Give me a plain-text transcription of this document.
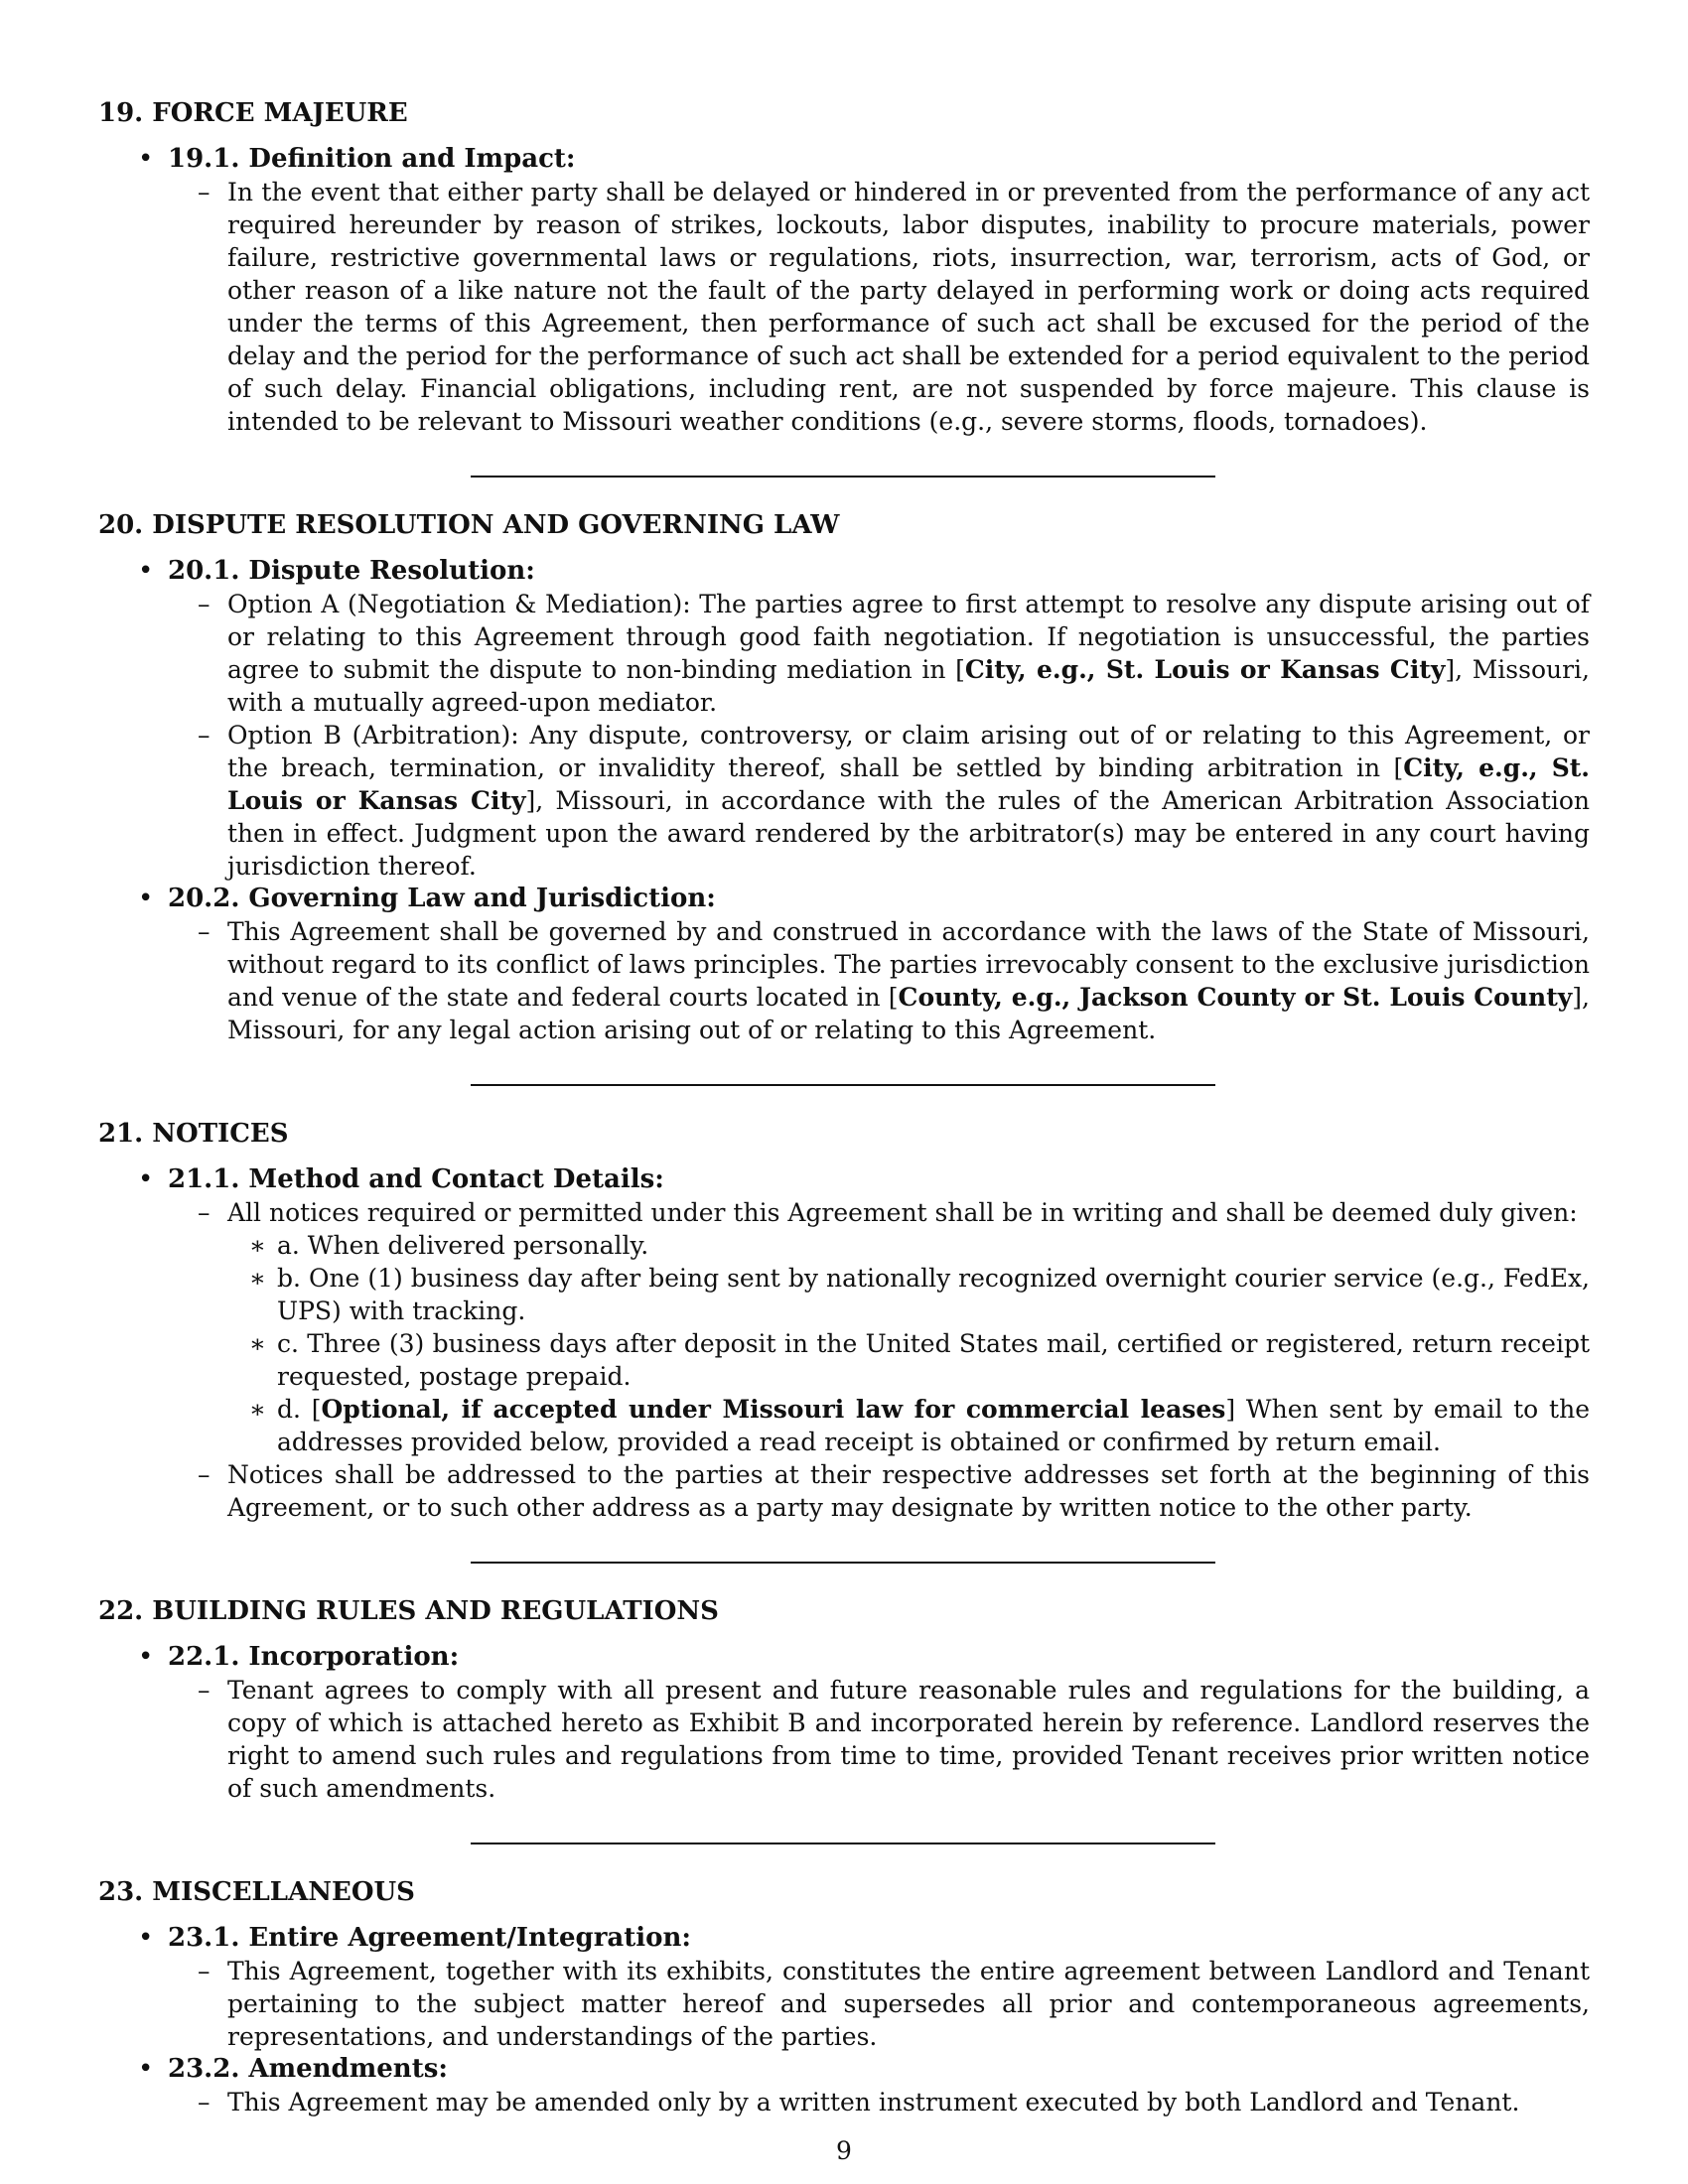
19. FORCE MAJEURE
• 19.1. Definition and Impact:
– In the event that either party shall be delayed or hindered in or prevented from the performance of any act required hereunder by reason of strikes, lockouts, labor disputes, inability to procure materials, power failure, restrictive governmental laws or regulations, riots, insurrection, war, terrorism, acts of God, or other reason of a like nature not the fault of the party delayed in performing work or doing acts required under the terms of this Agreement, then performance of such act shall be excused for the period of the delay and the period for the performance of such act shall be extended for a period equivalent to the period of such delay. Financial obligations, including rent, are not suspended by force majeure. This clause is intended to be relevant to Missouri weather conditions (e.g., severe storms, floods, tornadoes).
20. DISPUTE RESOLUTION AND GOVERNING LAW
• 20.1. Dispute Resolution:
– Option A (Negotiation & Mediation): The parties agree to first attempt to resolve any dispute arising out of or relating to this Agreement through good faith negotiation. If negotiation is unsuccessful, the parties agree to submit the dispute to non-binding mediation in [City, e.g., St. Louis or Kansas City], Missouri, with a mutually agreed-upon mediator.
– Option B (Arbitration): Any dispute, controversy, or claim arising out of or relating to this Agreement, or the breach, termination, or invalidity thereof, shall be settled by binding arbitration in [City, e.g., St. Louis or Kansas City], Missouri, in accordance with the rules of the American Arbitration Association then in effect. Judgment upon the award rendered by the arbitrator(s) may be entered in any court having jurisdiction thereof.
• 20.2. Governing Law and Jurisdiction:
– This Agreement shall be governed by and construed in accordance with the laws of the State of Missouri, without regard to its conflict of laws principles. The parties irrevocably consent to the exclusive jurisdiction and venue of the state and federal courts located in [County, e.g., Jackson County or St. Louis County], Missouri, for any legal action arising out of or relating to this Agreement.
21. NOTICES
• 21.1. Method and Contact Details:
– All notices required or permitted under this Agreement shall be in writing and shall be deemed duly given:
∗ a. When delivered personally.
∗ b. One (1) business day after being sent by nationally recognized overnight courier service (e.g., FedEx, UPS) with tracking.
∗ c. Three (3) business days after deposit in the United States mail, certified or registered, return receipt requested, postage prepaid.
∗ d. [Optional, if accepted under Missouri law for commercial leases] When sent by email to the addresses provided below, provided a read receipt is obtained or confirmed by return email.
– Notices shall be addressed to the parties at their respective addresses set forth at the beginning of this Agreement, or to such other address as a party may designate by written notice to the other party.
22. BUILDING RULES AND REGULATIONS
• 22.1. Incorporation:
– Tenant agrees to comply with all present and future reasonable rules and regulations for the building, a copy of which is attached hereto as Exhibit B and incorporated herein by reference. Landlord reserves the right to amend such rules and regulations from time to time, provided Tenant receives prior written notice of such amendments.
23. MISCELLANEOUS
• 23.1. Entire Agreement/Integration:
– This Agreement, together with its exhibits, constitutes the entire agreement between Landlord and Tenant pertaining to the subject matter hereof and supersedes all prior and contemporaneous agreements, representations, and understandings of the parties.
• 23.2. Amendments:
– This Agreement may be amended only by a written instrument executed by both Landlord and Tenant.
9
